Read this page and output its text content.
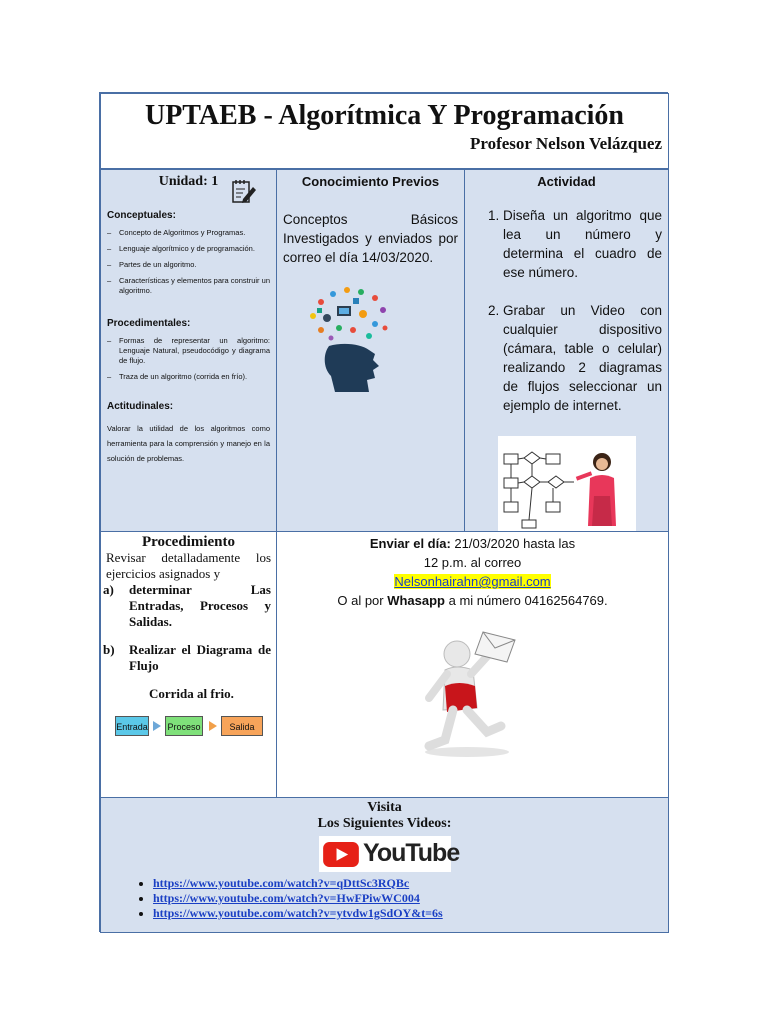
UPTAEB - Algorítmica Y Programación
Profesor Nelson Velázquez
Unidad: 1
Conceptuales:
– Concepto de Algoritmos y Programas.
– Lenguaje algorítmico y de programación.
– Partes de un algoritmo.
– Características y elementos para construir un algoritmo.
Procedimentales:
– Formas de representar un algoritmo: Lenguaje Natural, pseudocódigo y diagrama de flujo.
– Traza de un algoritmo (corrida en frío).
Actitudinales:
Valorar la utilidad de los algoritmos como herramienta para la comprensión y manejo en la solución de problemas.
Conocimiento Previos
Conceptos Básicos Investigados y enviados por correo el día 14/03/2020.
Actividad
1. Diseña un algoritmo que lea un número y determina el cuadro de ese número.
2. Grabar un Video con cualquier dispositivo (cámara, table o celular) realizando 2 diagramas de flujos seleccionar un ejemplo de internet.
Procedimiento
Revisar detalladamente los ejercicios asignados y
a) determinar Las Entradas, Procesos y Salidas.
b) Realizar el Diagrama de Flujo
Corrida al frio.
Entrada Proceso	Salida
Enviar el día: 21/03/2020 hasta las
12 p.m. al correo
Nelsonhairahn@gmail.com
O al por Whasapp a mi número 04162564769.
Visita
Los Siguientes Videos:
YouTube
• https://www.youtube.com/watch?v=qDttSc3RQBc
• https://www.youtube.com/watch?v=HwFPiwWC004
• https://www.youtube.com/watch?v=ytvdw1gSdOY&t=6s
